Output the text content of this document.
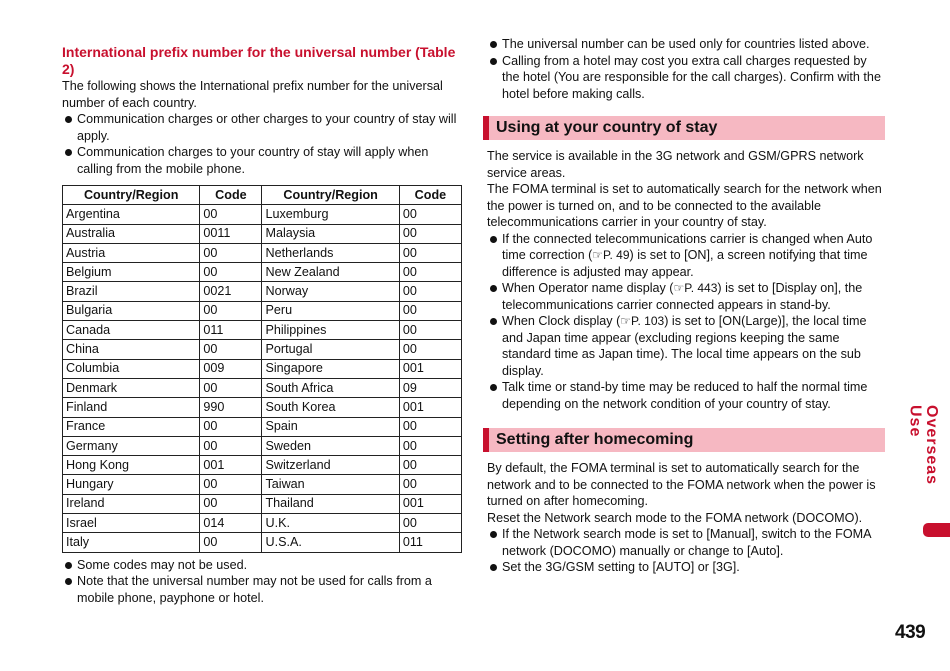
International prefix number for the universal number (Table 2)

The following shows the International prefix number for the universal number of each country.

Communication charges or other charges to your country of stay will apply.
Communication charges to your country of stay will apply when calling from the mobile phone.
Country/Region	Code	Country/Region	Code
Argentina	00	Luxemburg	00
Australia	0011	Malaysia	00
Austria	00	Netherlands	00
Belgium	00	New Zealand	00
Brazil	0021	Norway	00
Bulgaria	00	Peru	00
Canada	011	Philippines	00
China	00	Portugal	00
Columbia	009	Singapore	001
Denmark	00	South Africa	09
Finland	990	South Korea	001
France	00	Spain	00
Germany	00	Sweden	00
Hong Kong	001	Switzerland	00
Hungary	00	Taiwan	00
Ireland	00	Thailand	001
Israel	014	U.K.	00
Italy	00	U.S.A.	011
Some codes may not be used.
Note that the universal number may not be used for calls from a mobile phone, payphone or hotel.
The universal number can be used only for countries listed above.
Calling from a hotel may cost you extra call charges requested by the hotel (You are responsible for the call charges). Confirm with the hotel before making calls.
Using at your country of stay

The service is available in the 3G network and GSM/GPRS network service areas.

The FOMA terminal is set to automatically search for the network when the power is turned on, and to be connected to the available telecommunications carrier in your country of stay.

If the connected telecommunications carrier is changed when Auto time correction (☞P. 49) is set to [ON], a screen notifying that time difference is adjusted may appear.
When Operator name display (☞P. 443) is set to [Display on], the telecommunications carrier connected appears in stand-by.
When Clock display (☞P. 103) is set to [ON(Large)], the local time and Japan time appear (excluding regions keeping the same standard time as Japan time). The local time appears on the sub display.
Talk time or stand-by time may be reduced to half the normal time depending on the network condition of your country of stay.
Setting after homecoming

By default, the FOMA terminal is set to automatically search for the network and to be connected to the FOMA network when the power is turned on after homecoming.

Reset the Network search mode to the FOMA network (DOCOMO).

If the Network search mode is set to [Manual], switch to the FOMA network (DOCOMO) manually or change to [Auto].
Set the 3G/GSM setting to [AUTO] or [3G].
Overseas Use
439
